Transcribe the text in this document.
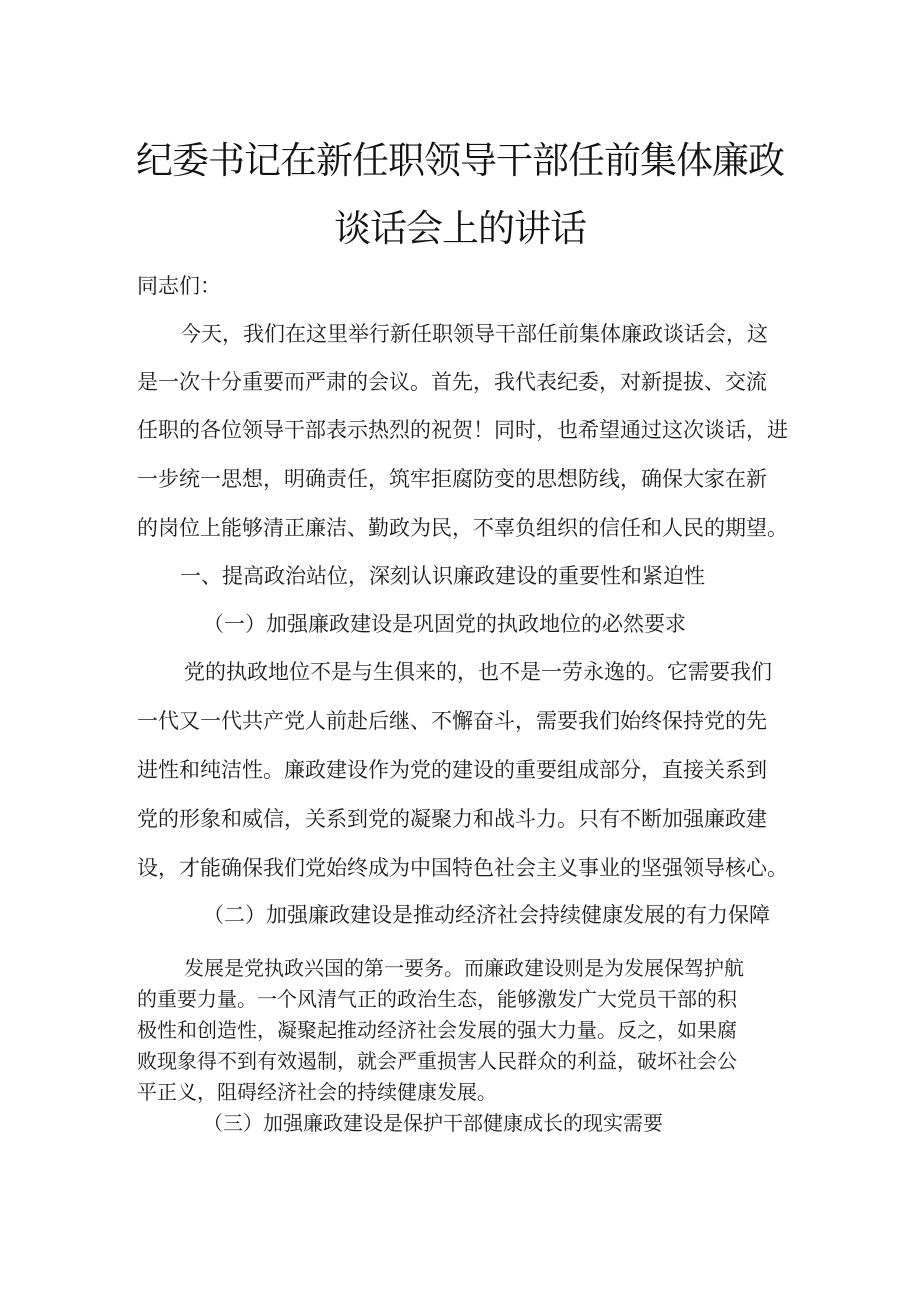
纪委书记在新任职领导干部任前集体廉政
谈话会上的讲话
同志们：
今天，我们在这里举行新任职领导干部任前集体廉政谈话会，这
是一次十分重要而严肃的会议。首先，我代表纪委，对新提拔、交流
任职的各位领导干部表示热烈的祝贺！同时，也希望通过这次谈话，进
一步统一思想，明确责任，筑牢拒腐防变的思想防线，确保大家在新
的岗位上能够清正廉洁、勤政为民，不辜负组织的信任和人民的期望。
一、提高政治站位，深刻认识廉政建设的重要性和紧迫性
（一）加强廉政建设是巩固党的执政地位的必然要求
党的执政地位不是与生俱来的，也不是一劳永逸的。它需要我们
一代又一代共产党人前赴后继、不懈奋斗，需要我们始终保持党的先
进性和纯洁性。廉政建设作为党的建设的重要组成部分，直接关系到
党的形象和威信，关系到党的凝聚力和战斗力。只有不断加强廉政建
设，才能确保我们党始终成为中国特色社会主义事业的坚强领导核心。
（二）加强廉政建设是推动经济社会持续健康发展的有力保障
发展是党执政兴国的第一要务。而廉政建设则是为发展保驾护航
的重要力量。一个风清气正的政治生态，能够激发广大党员干部的积
极性和创造性，凝聚起推动经济社会发展的强大力量。反之，如果腐
败现象得不到有效遏制，就会严重损害人民群众的利益，破坏社会公
平正义，阻碍经济社会的持续健康发展。
（三）加强廉政建设是保护干部健康成长的现实需要
